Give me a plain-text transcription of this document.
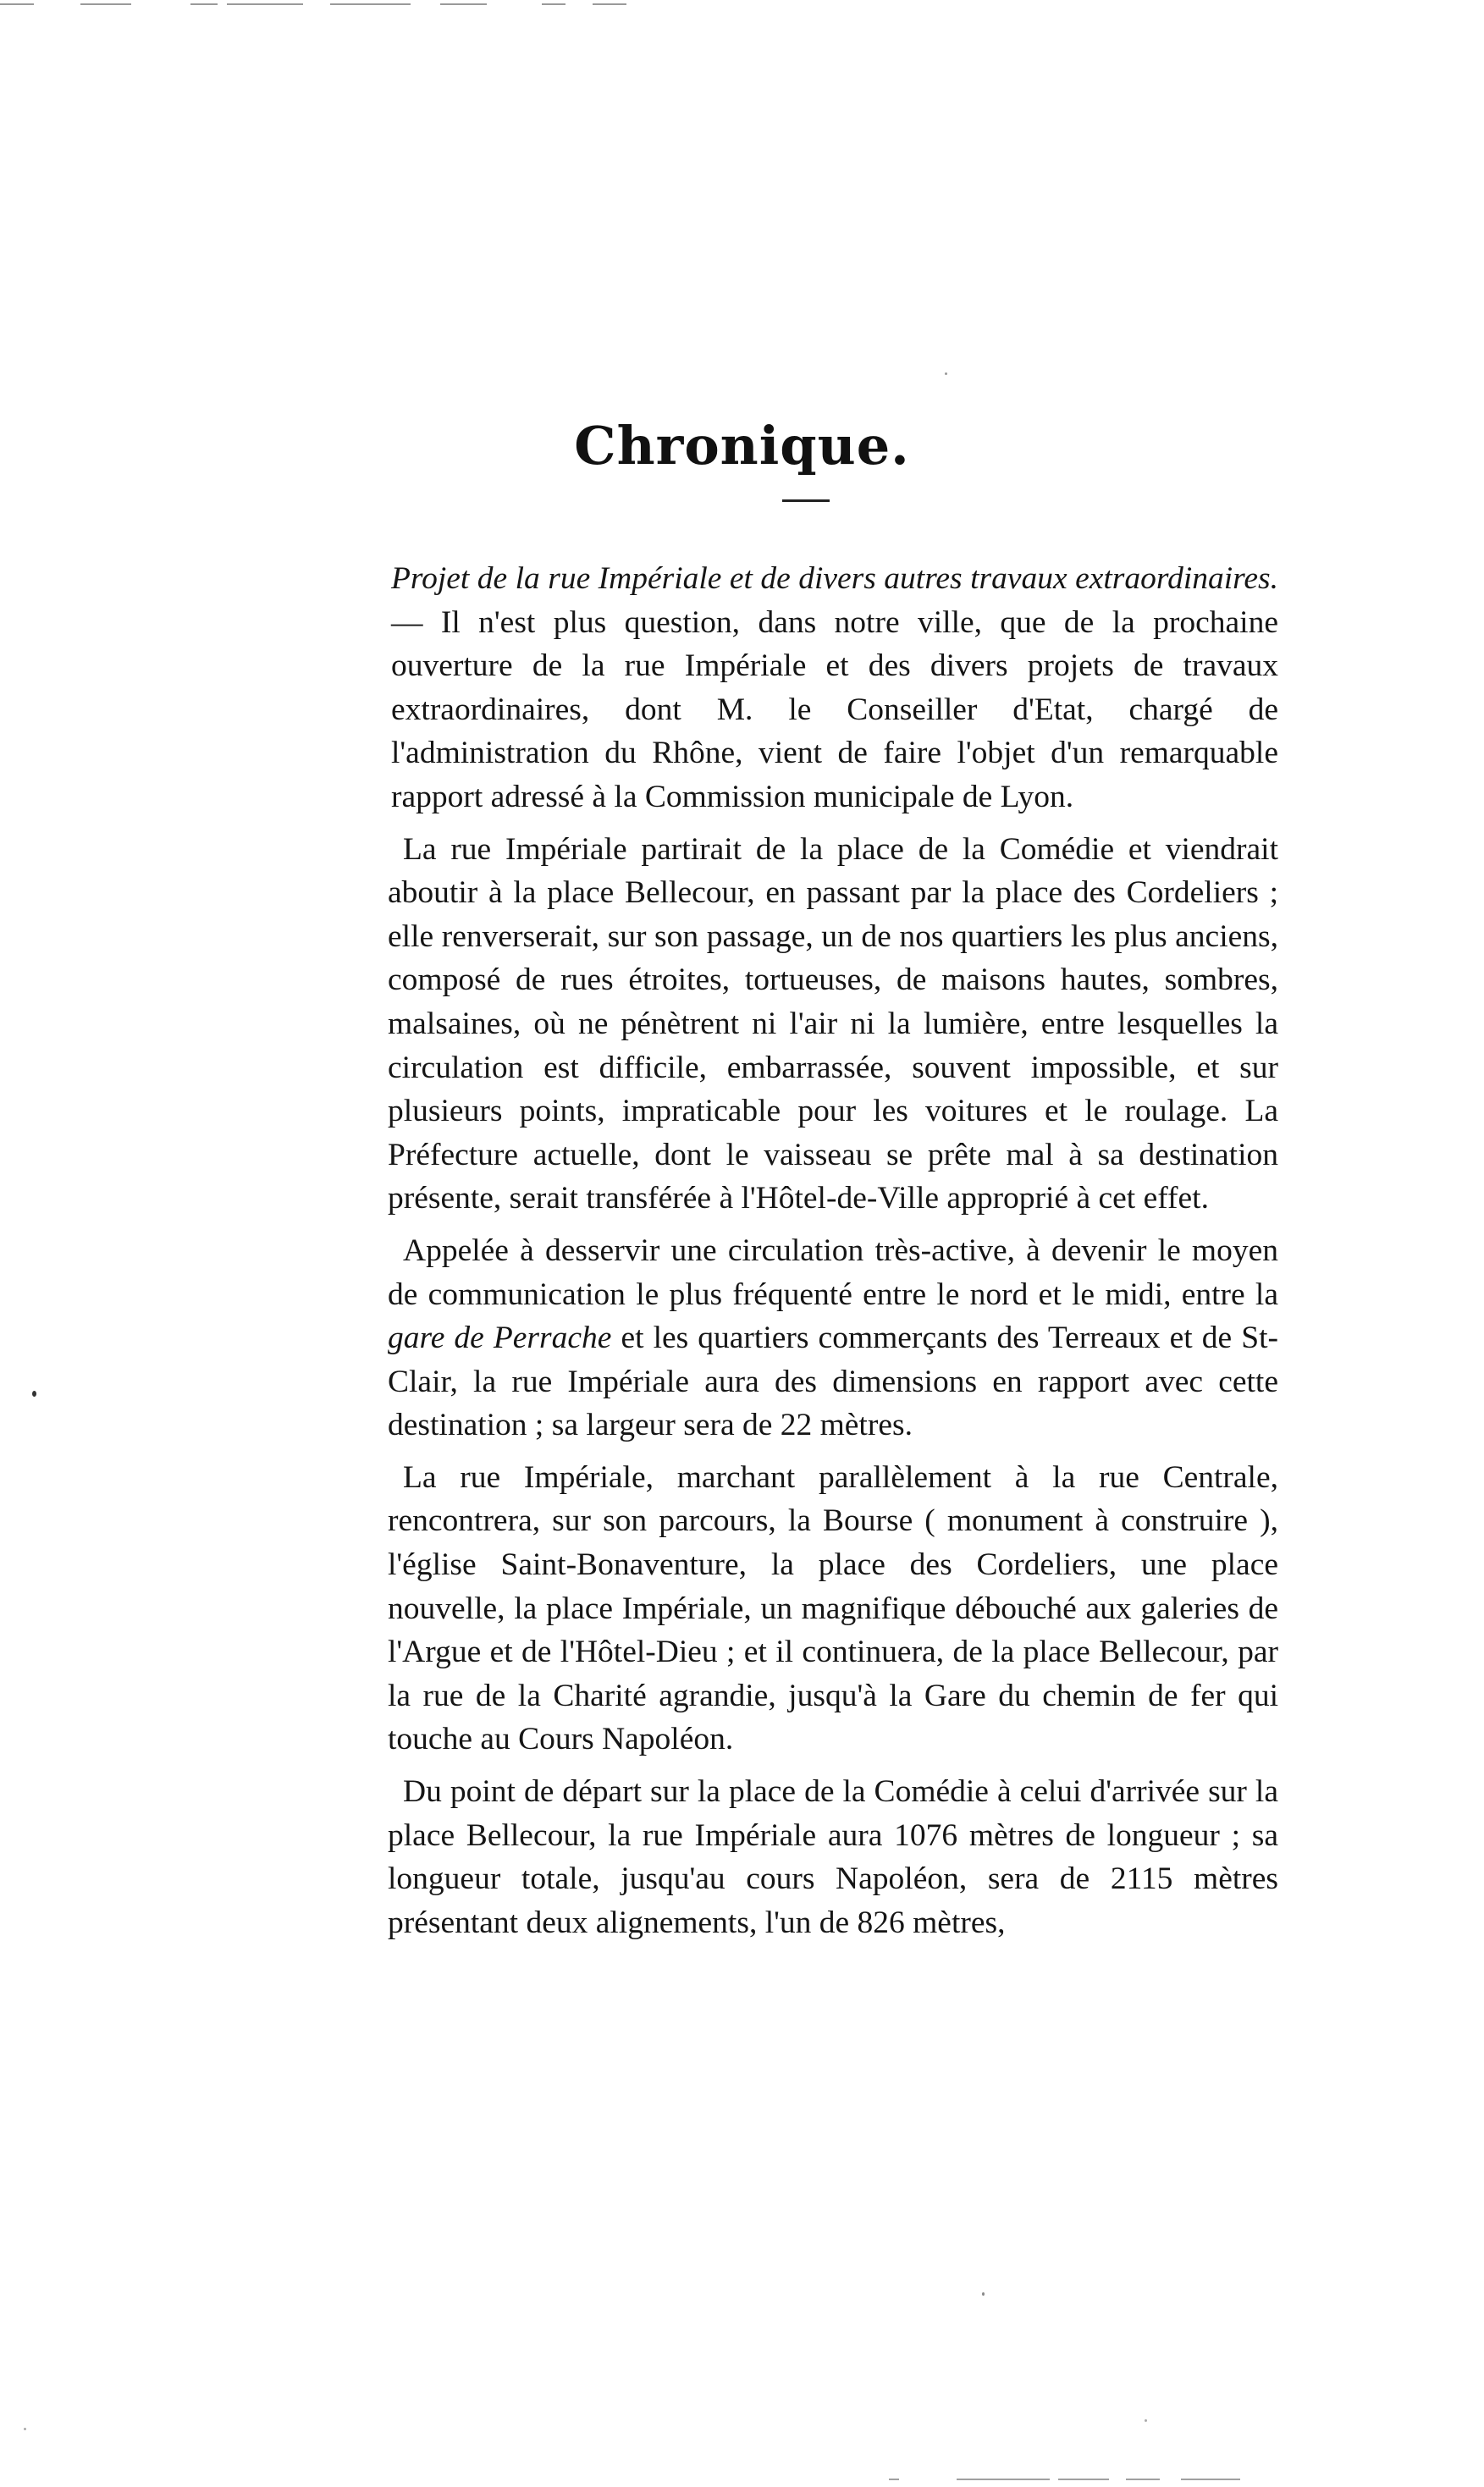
Chronique.

Projet de la rue Impériale et de divers autres travaux extraordinaires. — Il n'est plus question, dans notre ville, que de la prochaine ouverture de la rue Impériale et des divers projets de travaux extraordinaires, dont M. le Conseiller d'Etat, chargé de l'administration du Rhône, vient de faire l'objet d'un remarquable rapport adressé à la Commission municipale de Lyon.

La rue Impériale partirait de la place de la Comédie et viendrait aboutir à la place Bellecour, en passant par la place des Cordeliers ; elle renverserait, sur son passage, un de nos quartiers les plus anciens, composé de rues étroites, tortueuses, de maisons hautes, sombres, malsaines, où ne pénètrent ni l'air ni la lumière, entre lesquelles la circulation est difficile, embarrassée, souvent impossible, et sur plusieurs points, impraticable pour les voitures et le roulage. La Préfecture actuelle, dont le vaisseau se prête mal à sa destination présente, serait transférée à l'Hôtel-de-Ville approprié à cet effet.

Appelée à desservir une circulation très-active, à devenir le moyen de communication le plus fréquenté entre le nord et le midi, entre la gare de Perrache et les quartiers commerçants des Terreaux et de St-Clair, la rue Impériale aura des dimensions en rapport avec cette destination ; sa largeur sera de 22 mètres.

La rue Impériale, marchant parallèlement à la rue Centrale, rencontrera, sur son parcours, la Bourse ( monument à construire ), l'église Saint-Bonaventure, la place des Cordeliers, une place nouvelle, la place Impériale, un magnifique débouché aux galeries de l'Argue et de l'Hôtel-Dieu ; et il continuera, de la place Bellecour, par la rue de la Charité agrandie, jusqu'à la Gare du chemin de fer qui touche au Cours Napoléon.

Du point de départ sur la place de la Comédie à celui d'arrivée sur la place Bellecour, la rue Impériale aura 1076 mètres de longueur ; sa longueur totale, jusqu'au cours Napoléon, sera de 2115 mètres présentant deux alignements, l'un de 826 mètres,
